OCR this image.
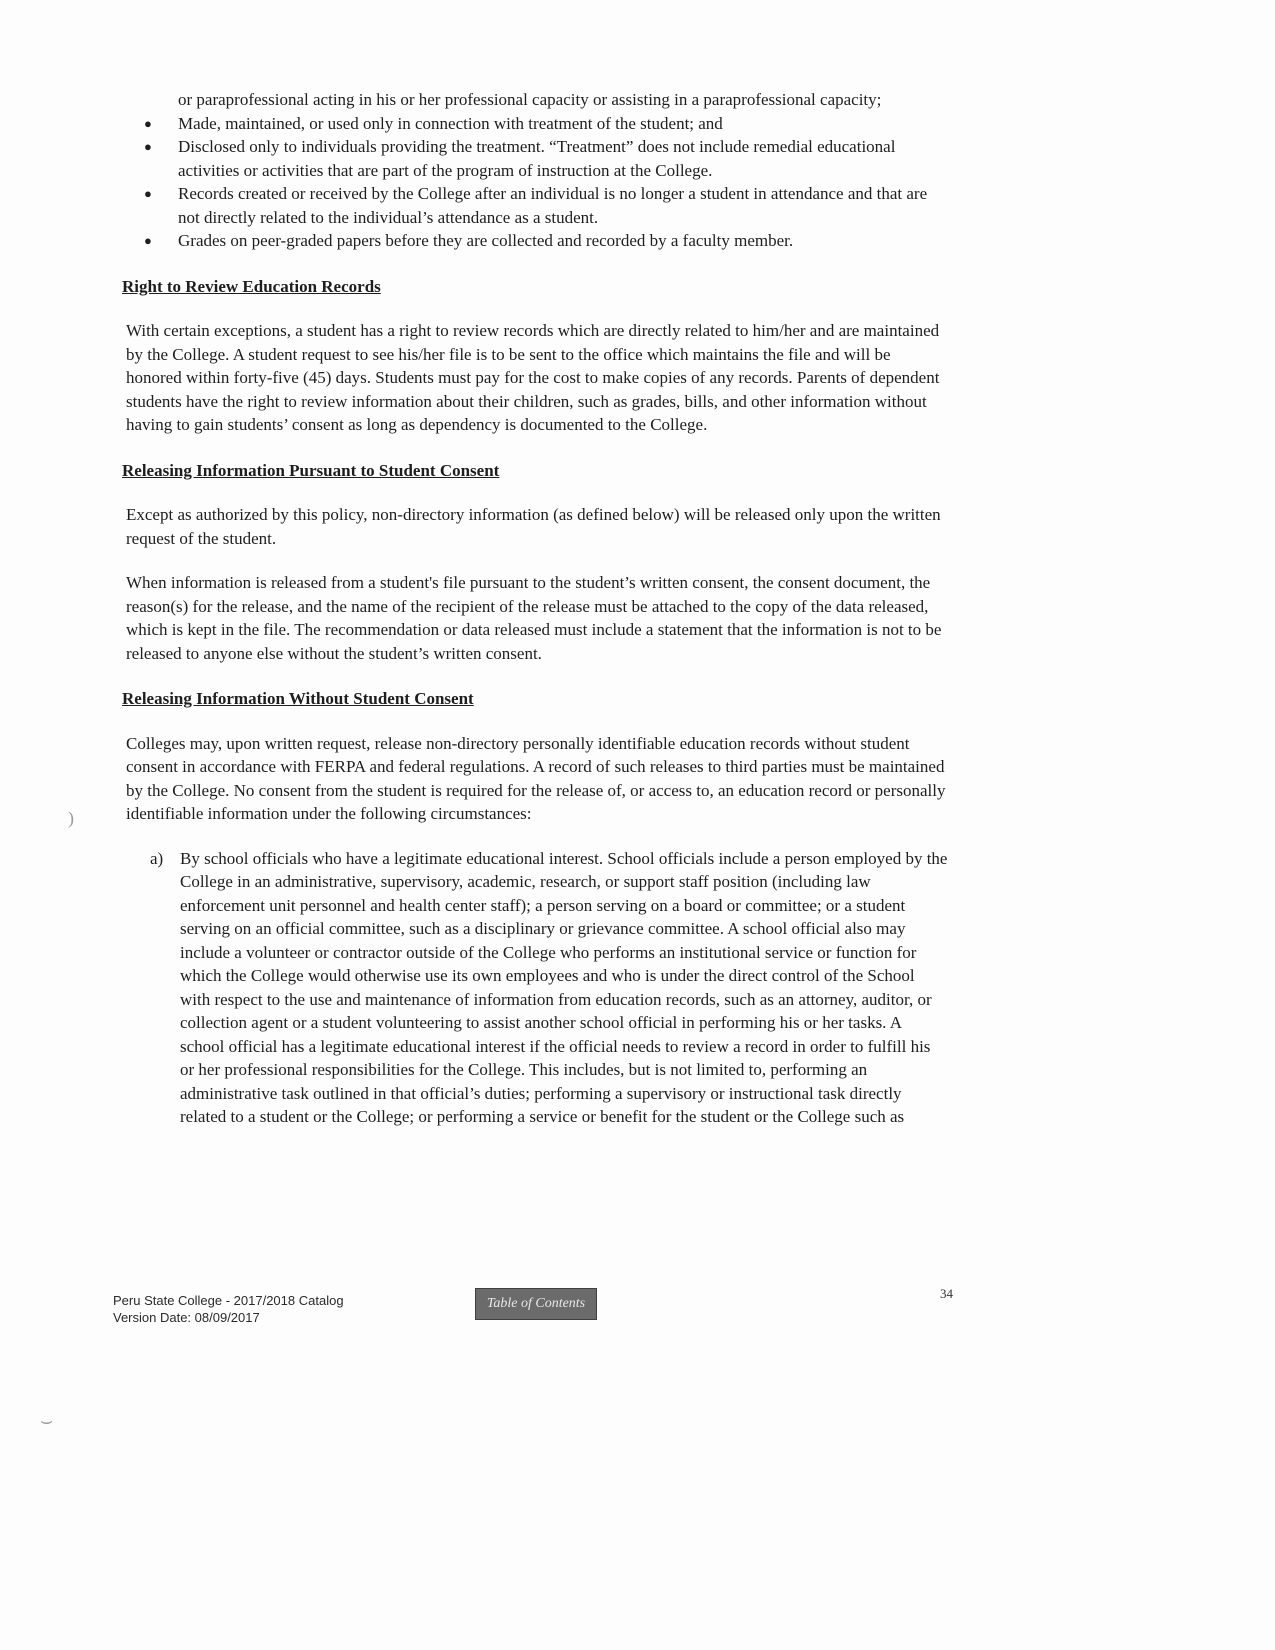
or paraprofessional acting in his or her professional capacity or assisting in a paraprofessional capacity;

● Made, maintained, or used only in connection with treatment of the student; and
● Disclosed only to individuals providing the treatment. “Treatment” does not include remedial educational activities or activities that are part of the program of instruction at the College.
● Records created or received by the College after an individual is no longer a student in attendance and that are not directly related to the individual’s attendance as a student.
● Grades on peer-graded papers before they are collected and recorded by a faculty member.
Right to Review Education Records

With certain exceptions, a student has a right to review records which are directly related to him/her and are maintained by the College. A student request to see his/her file is to be sent to the office which maintains the file and will be honored within forty-five (45) days. Students must pay for the cost to make copies of any records. Parents of dependent students have the right to review information about their children, such as grades, bills, and other information without having to gain students’ consent as long as dependency is documented to the College.

Releasing Information Pursuant to Student Consent

Except as authorized by this policy, non-directory information (as defined below) will be released only upon the written request of the student.

When information is released from a student's file pursuant to the student’s written consent, the consent document, the reason(s) for the release, and the name of the recipient of the release must be attached to the copy of the data released, which is kept in the file. The recommendation or data released must include a statement that the information is not to be released to anyone else without the student’s written consent.

Releasing Information Without Student Consent

Colleges may, upon written request, release non-directory personally identifiable education records without student consent in accordance with FERPA and federal regulations. A record of such releases to third parties must be maintained by the College. No consent from the student is required for the release of, or access to, an education record or personally identifiable information under the following circumstances:

a) By school officials who have a legitimate educational interest. School officials include a person employed by the College in an administrative, supervisory, academic, research, or support staff position (including law enforcement unit personnel and health center staff); a person serving on a board or committee; or a student serving on an official committee, such as a disciplinary or grievance committee. A school official also may include a volunteer or contractor outside of the College who performs an institutional service or function for which the College would otherwise use its own employees and who is under the direct control of the School with respect to the use and maintenance of information from education records, such as an attorney, auditor, or collection agent or a student volunteering to assist another school official in performing his or her tasks. A school official has a legitimate educational interest if the official needs to review a record in order to fulfill his or her professional responsibilities for the College. This includes, but is not limited to, performing an administrative task outlined in that official’s duties; performing a supervisory or instructional task directly related to a student or the College; or performing a service or benefit for the student or the College such as
Peru State College - 2017/2018 Catalog
Version Date: 08/09/2017
Table of Contents
34
)
⌣
